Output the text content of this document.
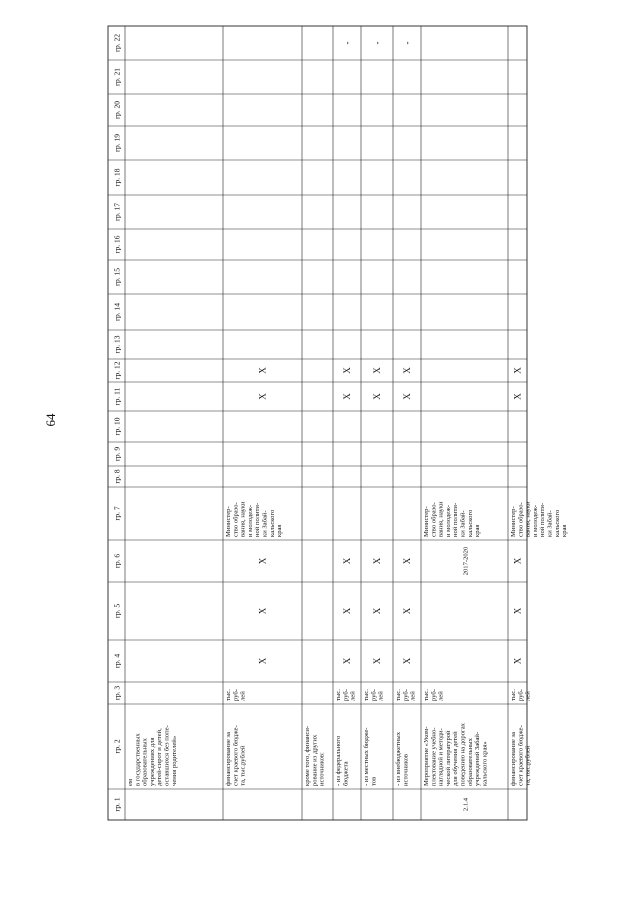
64
гр. 1
гр. 2
гр. 3
гр. 4
гр. 5
гр. 6
гр. 7
гр. 8
гр. 9
гр. 10
гр. 11
гр. 12
гр. 13
гр. 14
гр. 15
гр. 16
гр. 17
гр. 18
гр. 19
гр. 20
гр. 21
гр. 22
ем в государственных образовательных учреждениях для детей-сирот и детей, оставшихся без попе- чения родителей»	финансирование за счет краевого бюдже- та, тыс.рублей
тыс. руб- лей
X
X
X
Министер- ство образо- вания, науки и молодеж- ной полити- ки Забай- кальского края
X
X
кроме того, финанси- рование из других источников: - из федерального бюджета
тыс. руб- лей
X
X
X
X
X
-
- из местных бюдже- тов
тыс. руб- лей
X
X
X
X
X
-
- из внебюджетных источников
тыс. руб- лей
X
X
X
X
X
-
2.1.4
Мероприятие «Уком- плектование учебно- наглядной и методи- ческой литературой для обучения детей поведению на дорогах образовательных учреждений Забай- кальского края»
тыс. руб- лей
2017-2020
Министер- ство образо- вания, науки и молодеж- ной полити- ки Забай- кальского края
финансирование за счет краевого бюдже- та, тыс.рублей
тыс. руб- лей
X
X
X
Министер- ство образо- вания, науки и молодеж- ной полити- ки Забай- кальского края
X
X
